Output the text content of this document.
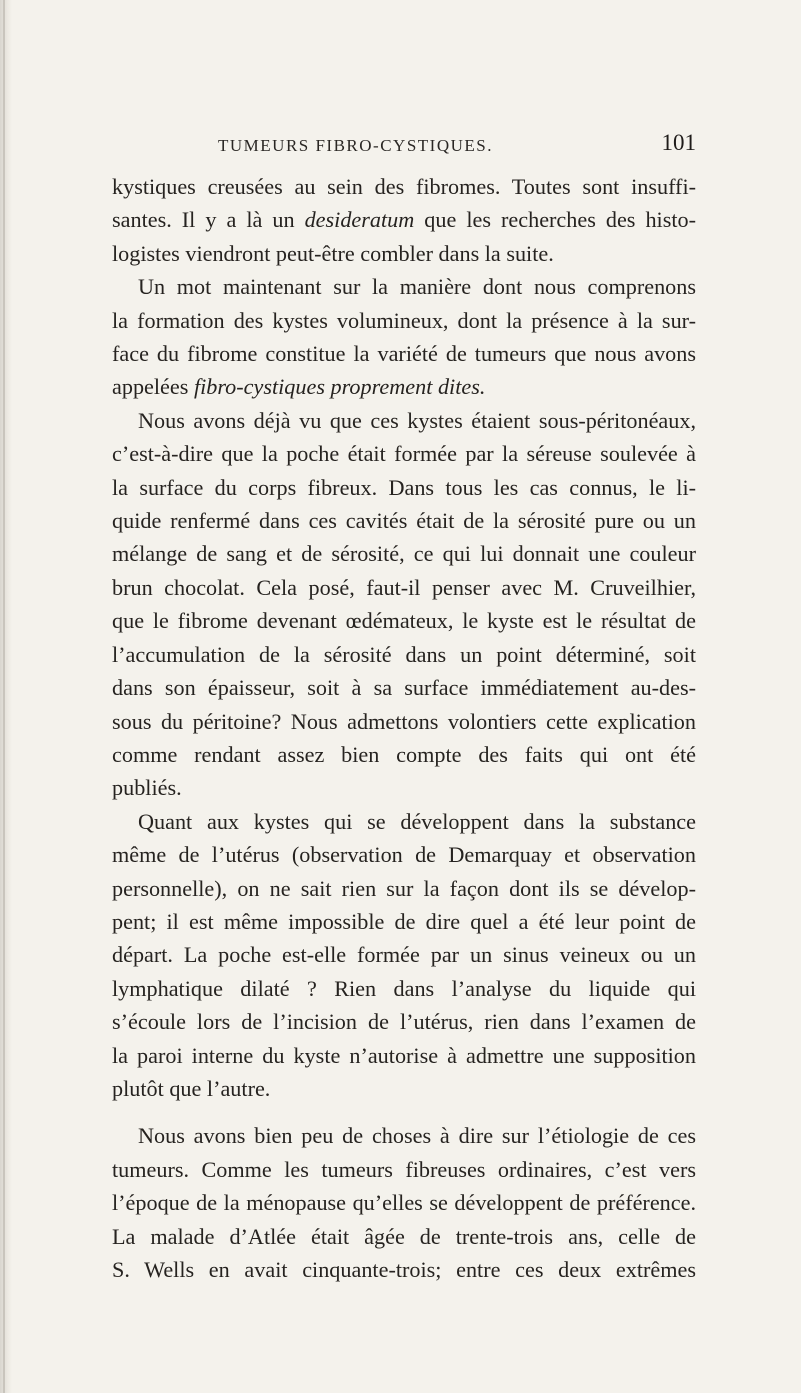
TUMEURS FIBRO-CYSTIQUES.	101

kystiques creusées au sein des fibromes. Toutes sont insuffi-
santes. Il y a là un desideratum que les recherches des histo-
logistes viendront peut-être combler dans la suite.

Un mot maintenant sur la manière dont nous comprenons
la formation des kystes volumineux, dont la présence à la sur-
face du fibrome constitue la variété de tumeurs que nous avons
appelées fibro-cystiques proprement dites.

Nous avons déjà vu que ces kystes étaient sous-péritonéaux,
c’est-à-dire que la poche était formée par la séreuse soulevée à
la surface du corps fibreux. Dans tous les cas connus, le li-
quide renfermé dans ces cavités était de la sérosité pure ou un
mélange de sang et de sérosité, ce qui lui donnait une couleur
brun chocolat. Cela posé, faut-il penser avec M. Cruveilhier,
que le fibrome devenant œdémateux, le kyste est le résultat de
l’accumulation de la sérosité dans un point déterminé, soit
dans son épaisseur, soit à sa surface immédiatement au-des-
sous du péritoine? Nous admettons volontiers cette explication
comme rendant assez bien compte des faits qui ont été
publiés.

Quant aux kystes qui se développent dans la substance
même de l’utérus (observation de Demarquay et observation
personnelle), on ne sait rien sur la façon dont ils se dévelop-
pent; il est même impossible de dire quel a été leur point de
départ. La poche est-elle formée par un sinus veineux ou un
lymphatique dilaté ? Rien dans l’analyse du liquide qui
s’écoule lors de l’incision de l’utérus, rien dans l’examen de
la paroi interne du kyste n’autorise à admettre une supposition
plutôt que l’autre.

Nous avons bien peu de choses à dire sur l’étiologie de ces
tumeurs. Comme les tumeurs fibreuses ordinaires, c’est vers
l’époque de la ménopause qu’elles se développent de préférence.
La malade d’Atlée était âgée de trente-trois ans, celle de
S. Wells en avait cinquante-trois; entre ces deux extrêmes
